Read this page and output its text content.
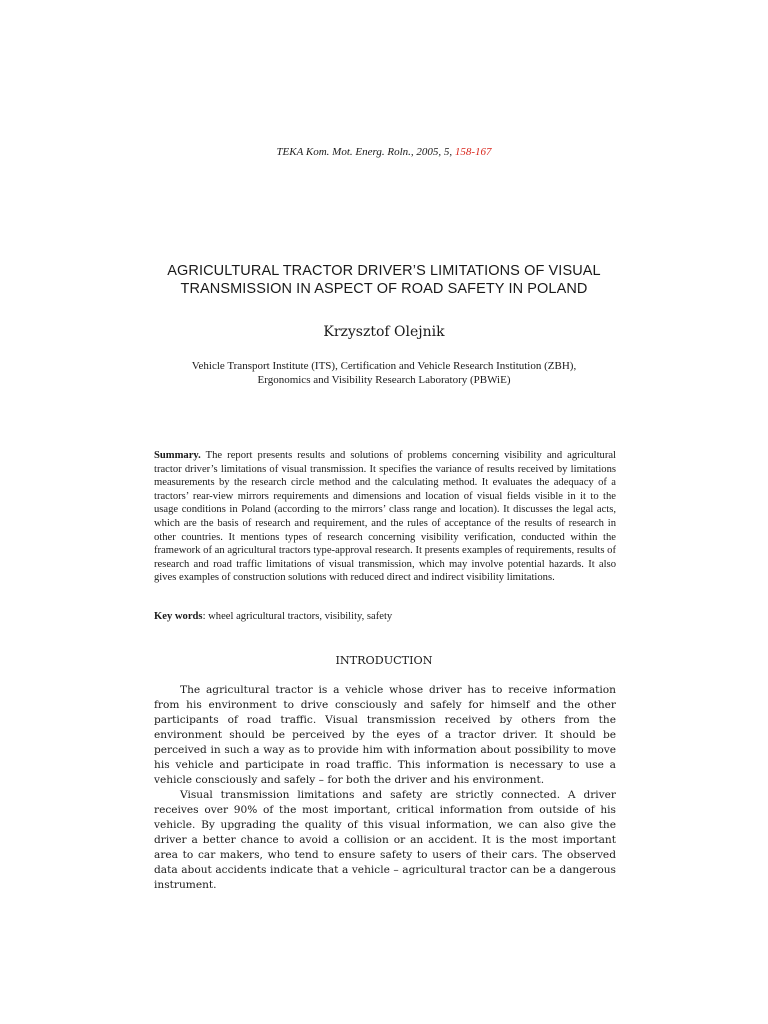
TEKA Kom. Mot. Energ. Roln., 2005, 5, 158-167
AGRICULTURAL TRACTOR DRIVER’S LIMITATIONS OF VISUAL TRANSMISSION IN ASPECT OF ROAD SAFETY IN POLAND
Krzysztof Olejnik
Vehicle Transport Institute (ITS), Certification and Vehicle Research Institution (ZBH),
Ergonomics and Visibility Research Laboratory (PBWiE)
Summary. The report presents results and solutions of problems concerning visibility and agricultural tractor driver’s limitations of visual transmission. It specifies the variance of results received by limitations measurements by the research circle method and the calculating method. It evaluates the adequacy of a tractors’ rear-view mirrors requirements and dimensions and location of visual fields visible in it to the usage conditions in Poland (according to the mirrors’ class range and location). It discusses the legal acts, which are the basis of research and requirement, and the rules of acceptance of the results of research in other countries. It mentions types of research concerning visibility verification, conducted within the framework of an agricultural tractors type-approval research. It presents examples of requirements, results of research and road traffic limitations of visual transmission, which may involve potential hazards. It also gives examples of construction solutions with reduced direct and indirect visibility limitations.
Key words: wheel agricultural tractors, visibility, safety
INTRODUCTION

The agricultural tractor is a vehicle whose driver has to receive information from his environment to drive consciously and safely for himself and the other participants of road traffic. Visual transmission received by others from the environment should be perceived by the eyes of a tractor driver. It should be perceived in such a way as to provide him with information about possibility to move his vehicle and participate in road traffic. This information is necessary to use a vehicle consciously and safely – for both the driver and his environment.

Visual transmission limitations and safety are strictly connected. A driver receives over 90% of the most important, critical information from outside of his vehicle. By upgrading the quality of this visual information, we can also give the driver a better chance to avoid a collision or an accident. It is the most important area to car makers, who tend to ensure safety to users of their cars. The observed data about accidents indicate that a vehicle – agricultural tractor can be a dangerous instrument.
